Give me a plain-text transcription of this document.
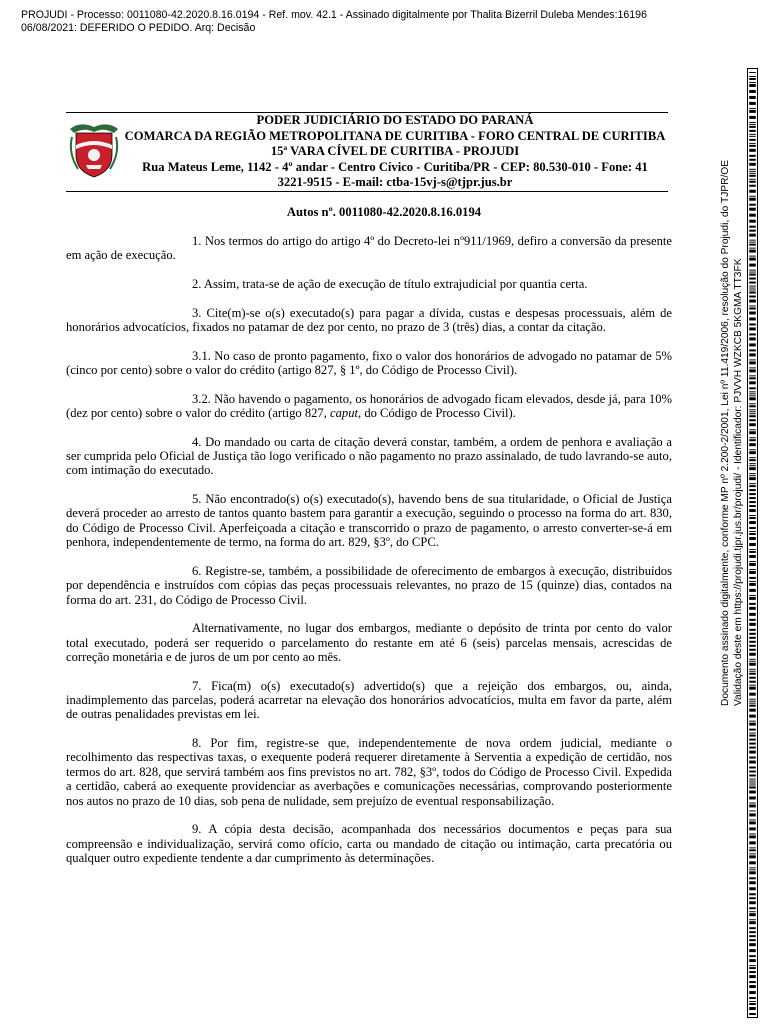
PROJUDI - Processo: 0011080-42.2020.8.16.0194 - Ref. mov. 42.1 - Assinado digitalmente por Thalita Bizerril Duleba Mendes:16196
06/08/2021: DEFERIDO O PEDIDO. Arq: Decisão
PODER JUDICIÁRIO DO ESTADO DO PARANÁ
COMARCA DA REGIÃO METROPOLITANA DE CURITIBA - FORO CENTRAL DE CURITIBA
15ª VARA CÍVEL DE CURITIBA - PROJUDI
Rua Mateus Leme, 1142 - 4º andar - Centro Cívico - Curitiba/PR - CEP: 80.530-010 - Fone: 41
3221-9515 - E-mail: ctba-15vj-s@tjpr.jus.br
Autos nº. 0011080-42.2020.8.16.0194

1. Nos termos do artigo do artigo 4º do Decreto-lei nº911/1969, defiro a conversão da presente em ação de execução.

2. Assim, trata-se de ação de execução de título extrajudicial por quantia certa.

3. Cite(m)-se o(s) executado(s) para pagar a dívida, custas e despesas processuais, além de honorários advocatícios, fixados no patamar de dez por cento, no prazo de 3 (três) dias, a contar da citação.

3.1. No caso de pronto pagamento, fixo o valor dos honorários de advogado no patamar de 5% (cinco por cento) sobre o valor do crédito (artigo 827, § 1º, do Código de Processo Civil).

3.2. Não havendo o pagamento, os honorários de advogado ficam elevados, desde já, para 10% (dez por cento) sobre o valor do crédito (artigo 827, caput, do Código de Processo Civil).

4. Do mandado ou carta de citação deverá constar, também, a ordem de penhora e avaliação a ser cumprida pelo Oficial de Justiça tão logo verificado o não pagamento no prazo assinalado, de tudo lavrando-se auto, com intimação do executado.

5. Não encontrado(s) o(s) executado(s), havendo bens de sua titularidade, o Oficial de Justiça deverá proceder ao arresto de tantos quanto bastem para garantir a execução, seguindo o processo na forma do art. 830, do Código de Processo Civil. Aperfeiçoada a citação e transcorrido o prazo de pagamento, o arresto converter-se-á em penhora, independentemente de termo, na forma do art. 829, §3º, do CPC.

6. Registre-se, também, a possibilidade de oferecimento de embargos à execução, distribuídos por dependência e instruídos com cópias das peças processuais relevantes, no prazo de 15 (quinze) dias, contados na forma do art. 231, do Código de Processo Civil.

Alternativamente, no lugar dos embargos, mediante o depósito de trinta por cento do valor total executado, poderá ser requerido o parcelamento do restante em até 6 (seis) parcelas mensais, acrescidas de correção monetária e de juros de um por cento ao mês.

7. Fica(m) o(s) executado(s) advertido(s) que a rejeição dos embargos, ou, ainda, inadimplemento das parcelas, poderá acarretar na elevação dos honorários advocatícios, multa em favor da parte, além de outras penalidades previstas em lei.

8. Por fim, registre-se que, independentemente de nova ordem judicial, mediante o recolhimento das respectivas taxas, o exequente poderá requerer diretamente à Serventia a expedição de certidão, nos termos do art. 828, que servirá também aos fins previstos no art. 782, §3º, todos do Código de Processo Civil. Expedida a certidão, caberá ao exequente providenciar as averbações e comunicações necessárias, comprovando posteriormente nos autos no prazo de 10 dias, sob pena de nulidade, sem prejuízo de eventual responsabilização.

9. A cópia desta decisão, acompanhada dos necessários documentos e peças para sua compreensão e individualização, servirá como ofício, carta ou mandado de citação ou intimação, carta precatória ou qualquer outro expediente tendente a dar cumprimento às determinações.

Documento assinado digitalmente, conforme MP nº 2.200-2/2001, Lei nº 11.419/2006, resolução do Projudi, do TJPR/OE Validação deste em https://projudi.tjpr.jus.br/projudi/ - Identificador: PJVVH WZKCB 5KGMA TT3FK
